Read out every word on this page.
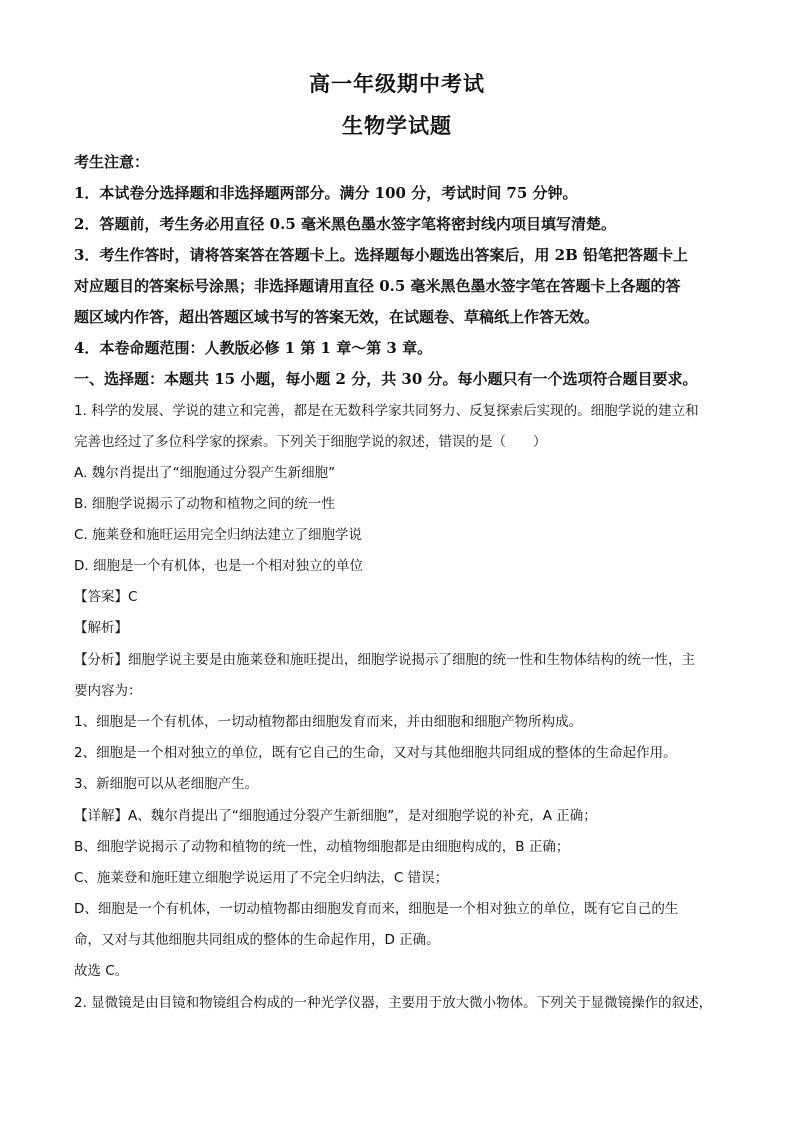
高一年级期中考试
生物学试题
考生注意：
1．本试卷分选择题和非选择题两部分。满分 100 分，考试时间 75 分钟。
2．答题前，考生务必用直径 0.5 毫米黑色墨水签字笔将密封线内项目填写清楚。
3．考生作答时，请将答案答在答题卡上。选择题每小题选出答案后，用 2B 铅笔把答题卡上
对应题目的答案标号涂黑；非选择题请用直径 0.5 毫米黑色墨水签字笔在答题卡上各题的答
题区域内作答，超出答题区域书写的答案无效，在试题卷、草稿纸上作答无效。
4．本卷命题范围：人教版必修 1 第 1 章～第 3 章。
一、选择题：本题共 15 小题，每小题 2 分，共 30 分。每小题只有一个选项符合题目要求。
1. 科学的发展、学说的建立和完善，都是在无数科学家共同努力、反复探索后实现的。细胞学说的建立和
完善也经过了多位科学家的探索。下列关于细胞学说的叙述，错误的是（　　）
A. 魏尔肖提出了“细胞通过分裂产生新细胞”
B. 细胞学说揭示了动物和植物之间的统一性
C. 施莱登和施旺运用完全归纳法建立了细胞学说
D. 细胞是一个有机体，也是一个相对独立的单位
【答案】C
【解析】
【分析】细胞学说主要是由施莱登和施旺提出，细胞学说揭示了细胞的统一性和生物体结构的统一性，主
要内容为：
1、细胞是一个有机体，一切动植物都由细胞发育而来，并由细胞和细胞产物所构成。
2、细胞是一个相对独立的单位，既有它自己的生命，又对与其他细胞共同组成的整体的生命起作用。
3、新细胞可以从老细胞产生。
【详解】A、魏尔肖提出了“细胞通过分裂产生新细胞”，是对细胞学说的补充，A 正确；
B、细胞学说揭示了动物和植物的统一性，动植物细胞都是由细胞构成的，B 正确；
C、施莱登和施旺建立细胞学说运用了不完全归纳法，C 错误；
D、细胞是一个有机体，一切动植物都由细胞发育而来，细胞是一个相对独立的单位，既有它自己的生
命，又对与其他细胞共同组成的整体的生命起作用，D 正确。
故选 C。
2. 显微镜是由目镜和物镜组合构成的一种光学仪器，主要用于放大微小物体。下列关于显微镜操作的叙述，
